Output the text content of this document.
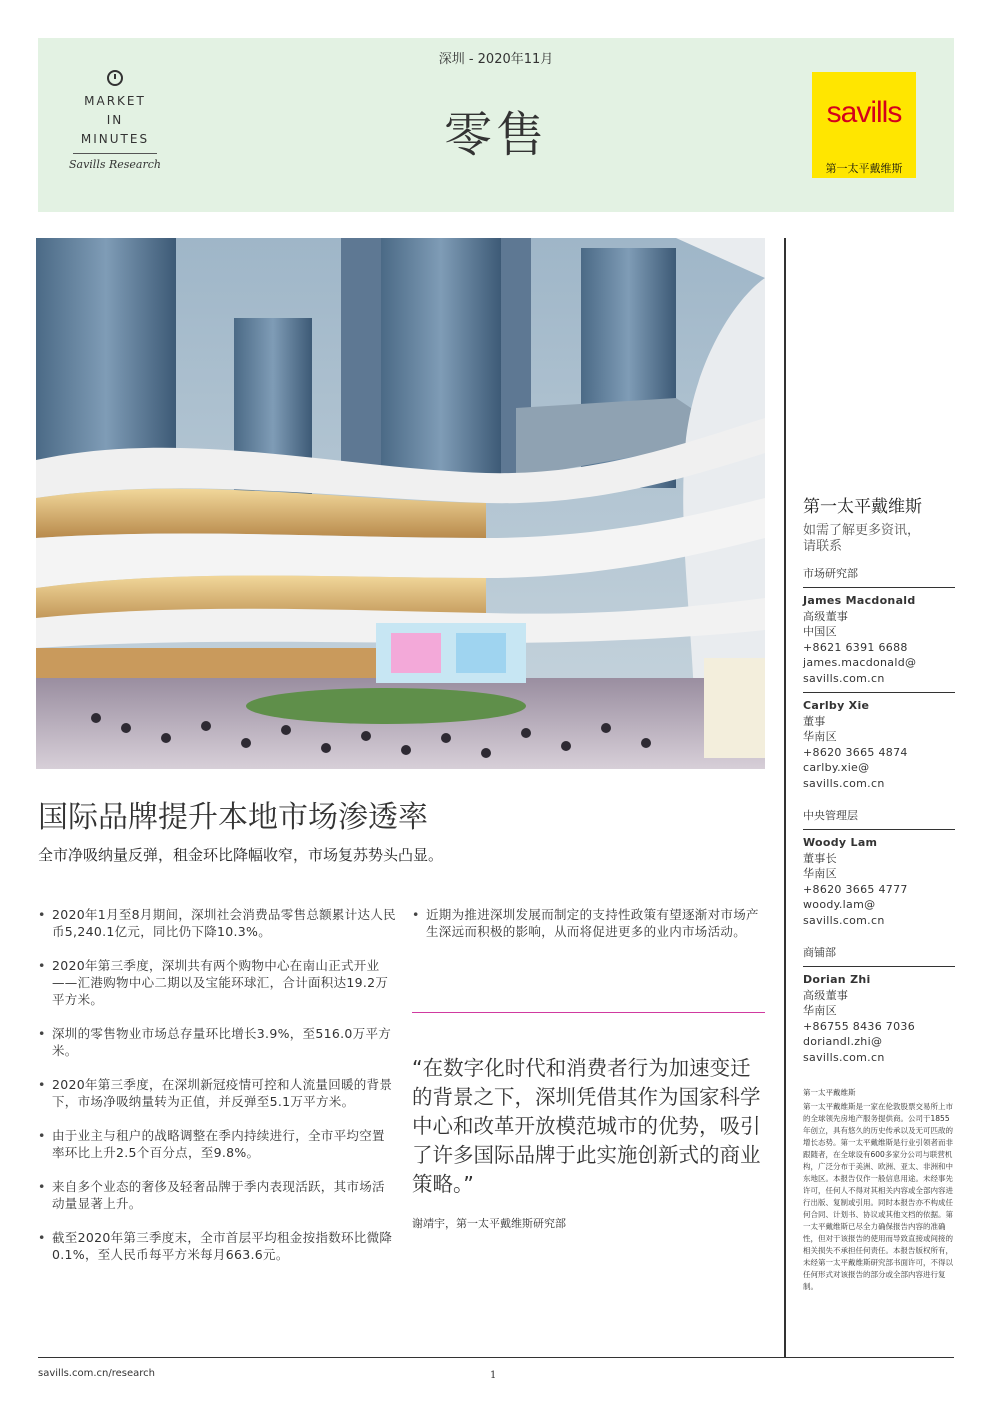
MARKET
IN
MINUTES
Savills Research
深圳 - 2020年11月
零售	savills
第一太平戴维斯
国际品牌提升本地市场渗透率
全市净吸纳量反弹，租金环比降幅收窄，市场复苏势头凸显。
• 2020年1月至8月期间，深圳社会消费品零售总额累计达人民币5,240.1亿元，同比仍下降10.3%。
• 2020年第三季度，深圳共有两个购物中心在南山正式开业——汇港购物中心二期以及宝能环球汇，合计面积达19.2万平方米。
• 深圳的零售物业市场总存量环比增长3.9%，至516.0万平方米。
• 2020年第三季度，在深圳新冠疫情可控和人流量回暖的背景下，市场净吸纳量转为正值，并反弹至5.1万平方米。
• 由于业主与租户的战略调整在季内持续进行，全市平均空置率环比上升2.5个百分点，至9.8%。
• 来自多个业态的奢侈及轻奢品牌于季内表现活跃，其市场活动量显著上升。
• 截至2020年第三季度末，全市首层平均租金按指数环比微降0.1%，至人民币每平方米每月663.6元。
• 近期为推进深圳发展而制定的支持性政策有望逐渐对市场产生深远而积极的影响，从而将促进更多的业内市场活动。
“在数字化时代和消费者行为加速变迁的背景之下，深圳凭借其作为国家科学中心和改革开放模范城市的优势，吸引了许多国际品牌于此实施创新式的商业策略。”
谢靖宇，第一太平戴维斯研究部
第一太平戴维斯
如需了解更多资讯，
请联系
市场研究部
James Macdonald
高级董事
中国区
+8621 6391 6688
james.macdonald@
savills.com.cn
Carlby Xie
董事
华南区
+8620 3665 4874
carlby.xie@
savills.com.cn
中央管理层
Woody Lam
董事长
华南区
+8620 3665 4777
woody.lam@
savills.com.cn
商铺部
Dorian Zhi
高级董事
华南区
+86755 8436 7036
doriandl.zhi@
savills.com.cn
第一太平戴维斯
第一太平戴维斯是一家在伦敦股票交易所上市的全球领先房地产服务提供商。公司于1855年创立，具有悠久的历史传承以及无可匹敌的增长态势。第一太平戴维斯是行业引领者而非跟随者，在全球设有600多家分公司与联营机构，广泛分布于美洲、欧洲、亚太、非洲和中东地区。本报告仅作一般信息用途。未经事先许可，任何人不得对其相关内容或全部内容进行出版、复制或引用。同时本报告亦不构成任何合同、计划书、协议或其他文档的依据。第一太平戴维斯已尽全力确保报告内容的准确性，但对于该报告的使用而导致直接或间接的相关损失不承担任何责任。本报告版权所有，未经第一太平戴维斯研究部书面许可，不得以任何形式对该报告的部分或全部内容进行复制。
savills.com.cn/research	1
